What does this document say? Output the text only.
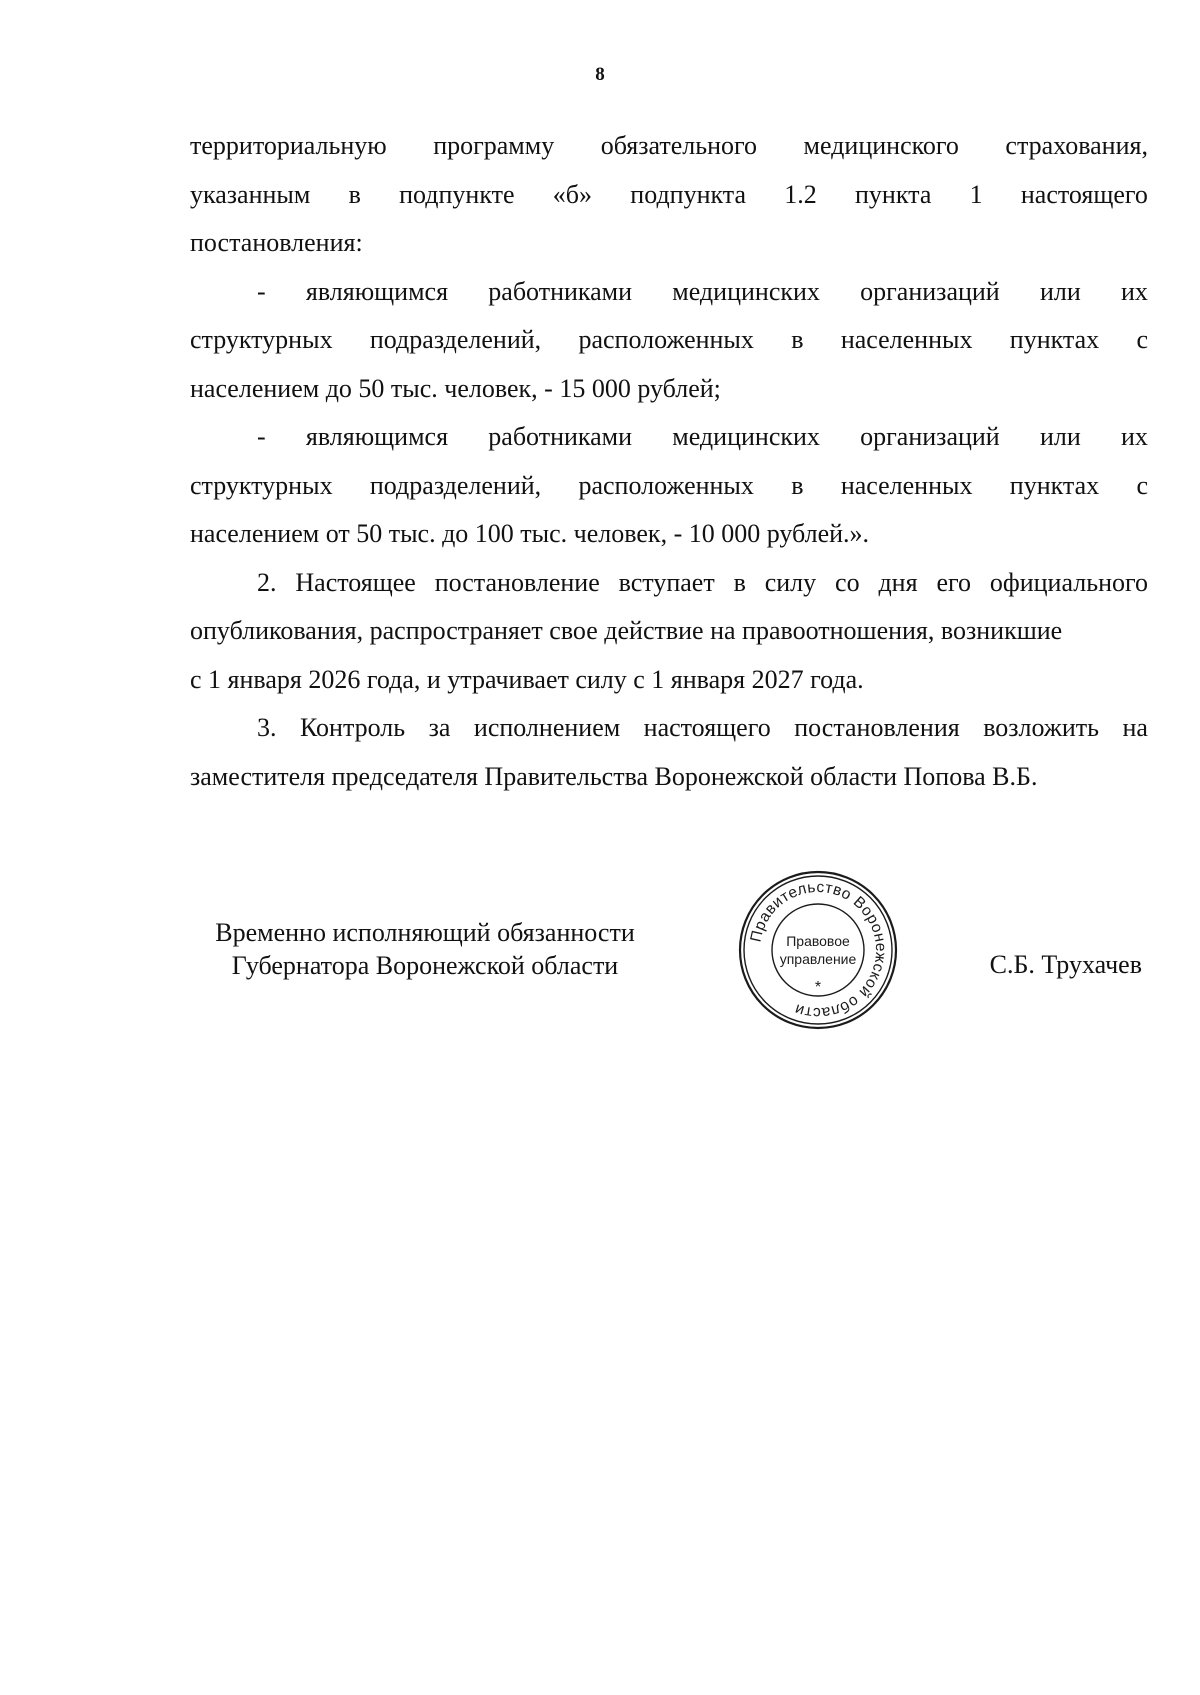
8
территориальную программу обязательного медицинского страхования,
указанным в подпункте «б» подпункта 1.2 пункта 1 настоящего
постановления:
- являющимся работниками медицинских организаций или их
структурных подразделений, расположенных в населенных пунктах с
населением до 50 тыс. человек, - 15 000 рублей;
- являющимся работниками медицинских организаций или их
структурных подразделений, расположенных в населенных пунктах с
населением от 50 тыс. до 100 тыс. человек, - 10 000 рублей.».
2. Настоящее постановление вступает в силу со дня его официального
опубликования, распространяет свое действие на правоотношения, возникшие
с 1 января 2026 года, и утрачивает силу с 1 января 2027 года.
3. Контроль за исполнением настоящего постановления возложить на
заместителя председателя Правительства Воронежской области Попова В.Б.
Временно исполняющий обязанности
Губернатора Воронежской области
Правительство Воронежской области
Правовое
управление
*
С.Б. Трухачев
